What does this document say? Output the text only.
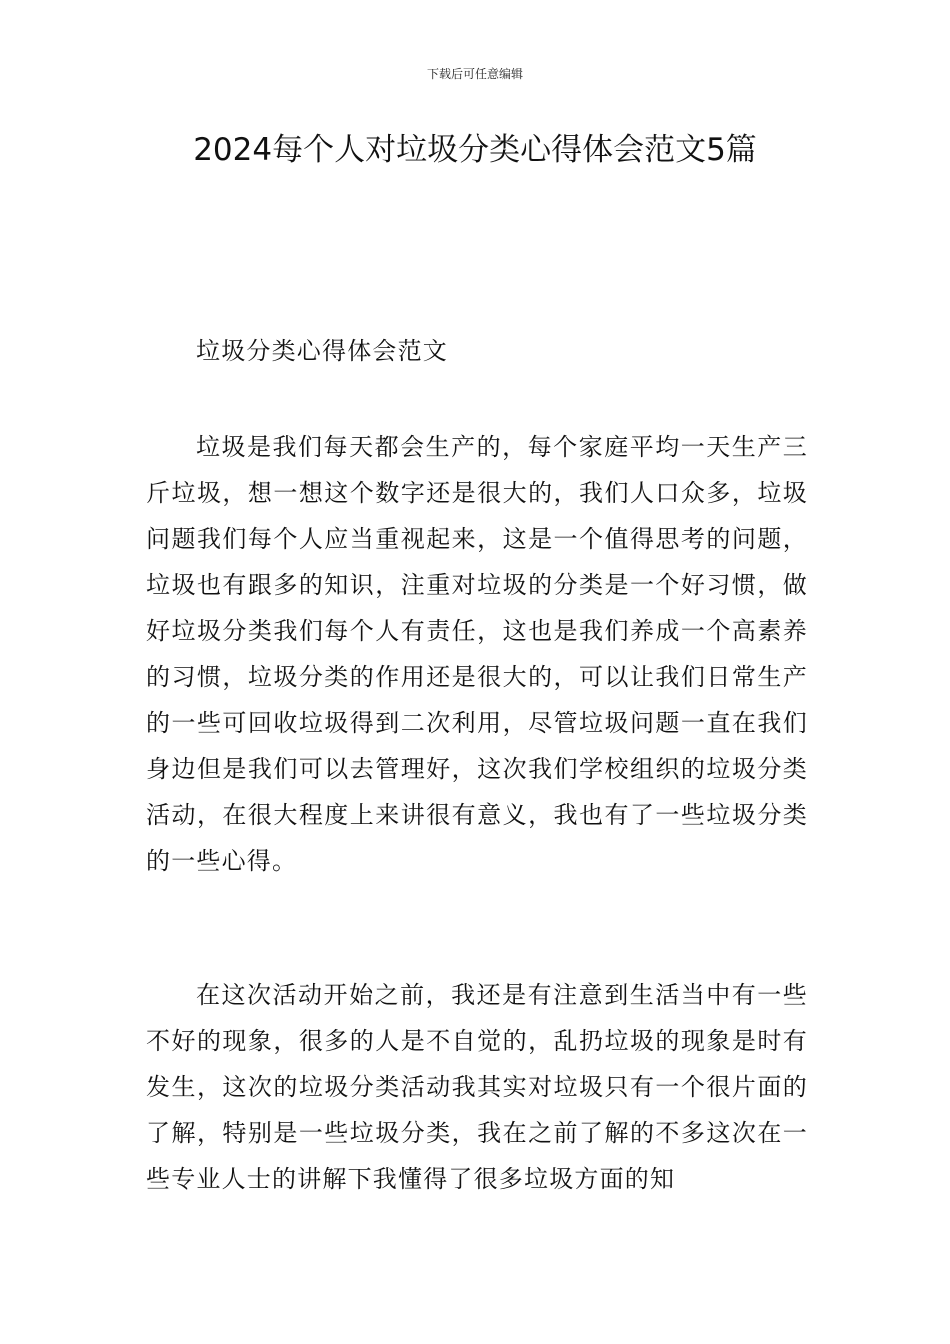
下载后可任意编辑
2024每个人对垃圾分类心得体会范文5篇

垃圾分类心得体会范文

垃圾是我们每天都会生产的，每个家庭平均一天生产三斤垃圾，想一想这个数字还是很大的，我们人口众多，垃圾问题我们每个人应当重视起来，这是一个值得思考的问题，垃圾也有跟多的知识，注重对垃圾的分类是一个好习惯，做好垃圾分类我们每个人有责任，这也是我们养成一个高素养的习惯，垃圾分类的作用还是很大的，可以让我们日常生产的一些可回收垃圾得到二次利用，尽管垃圾问题一直在我们身边但是我们可以去管理好，这次我们学校组织的垃圾分类活动，在很大程度上来讲很有意义，我也有了一些垃圾分类的一些心得。

在这次活动开始之前，我还是有注意到生活当中有一些不好的现象，很多的人是不自觉的，乱扔垃圾的现象是时有发生，这次的垃圾分类活动我其实对垃圾只有一个很片面的了解，特别是一些垃圾分类，我在之前了解的不多这次在一些专业人士的讲解下我懂得了很多垃圾方面的知
